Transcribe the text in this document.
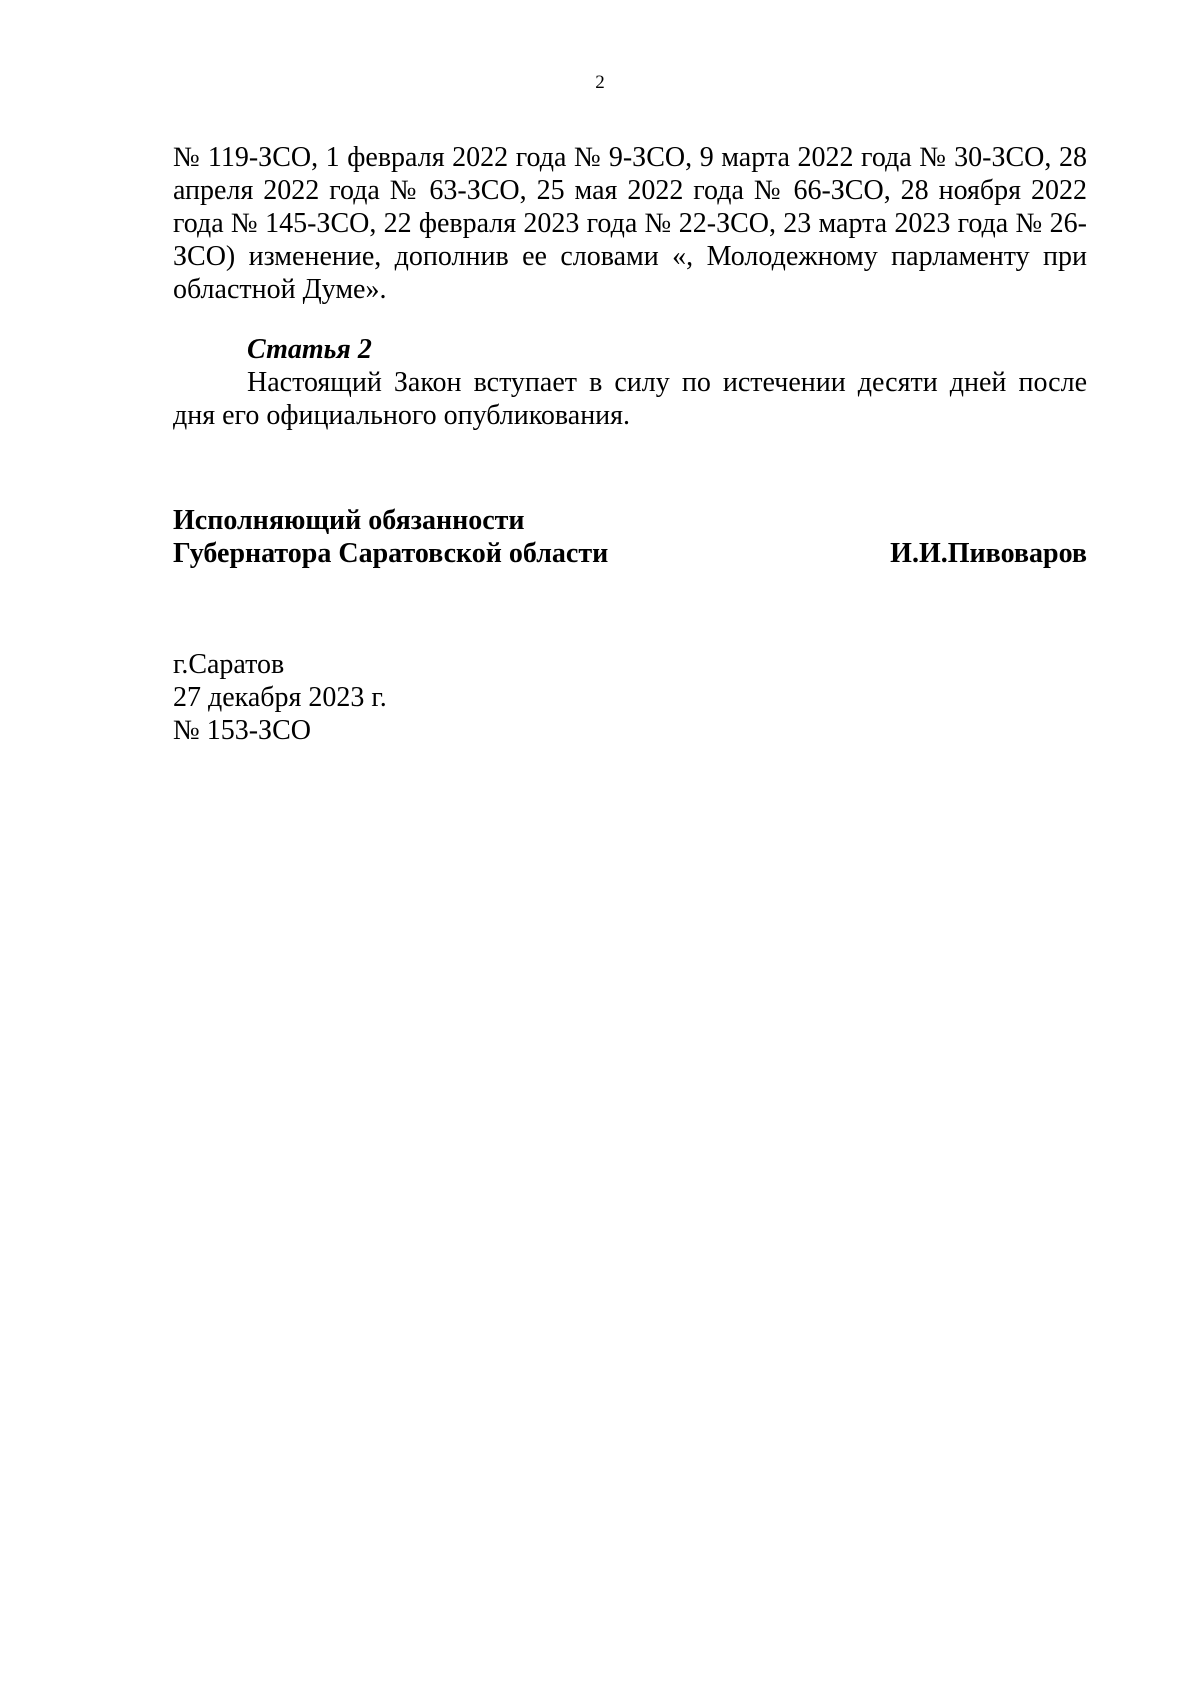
2

№ 119-ЗСО, 1 февраля 2022 года № 9-ЗСО, 9 марта 2022 года № 30-ЗСО, 28 апреля 2022 года № 63-ЗСО, 25 мая 2022 года № 66-ЗСО, 28 ноября 2022 года № 145-ЗСО, 22 февраля 2023 года № 22-ЗСО, 23 марта 2023 года № 26-ЗСО) изменение, дополнив ее словами «, Молодежному парламенту при областной Думе».

Статья 2

Настоящий Закон вступает в силу по истечении десяти дней после дня его официального опубликования.

Исполняющий обязанности
Губернатора Саратовской области	И.И.Пивоваров
г.Саратов
27 декабря 2023 г.
№ 153-ЗСО
